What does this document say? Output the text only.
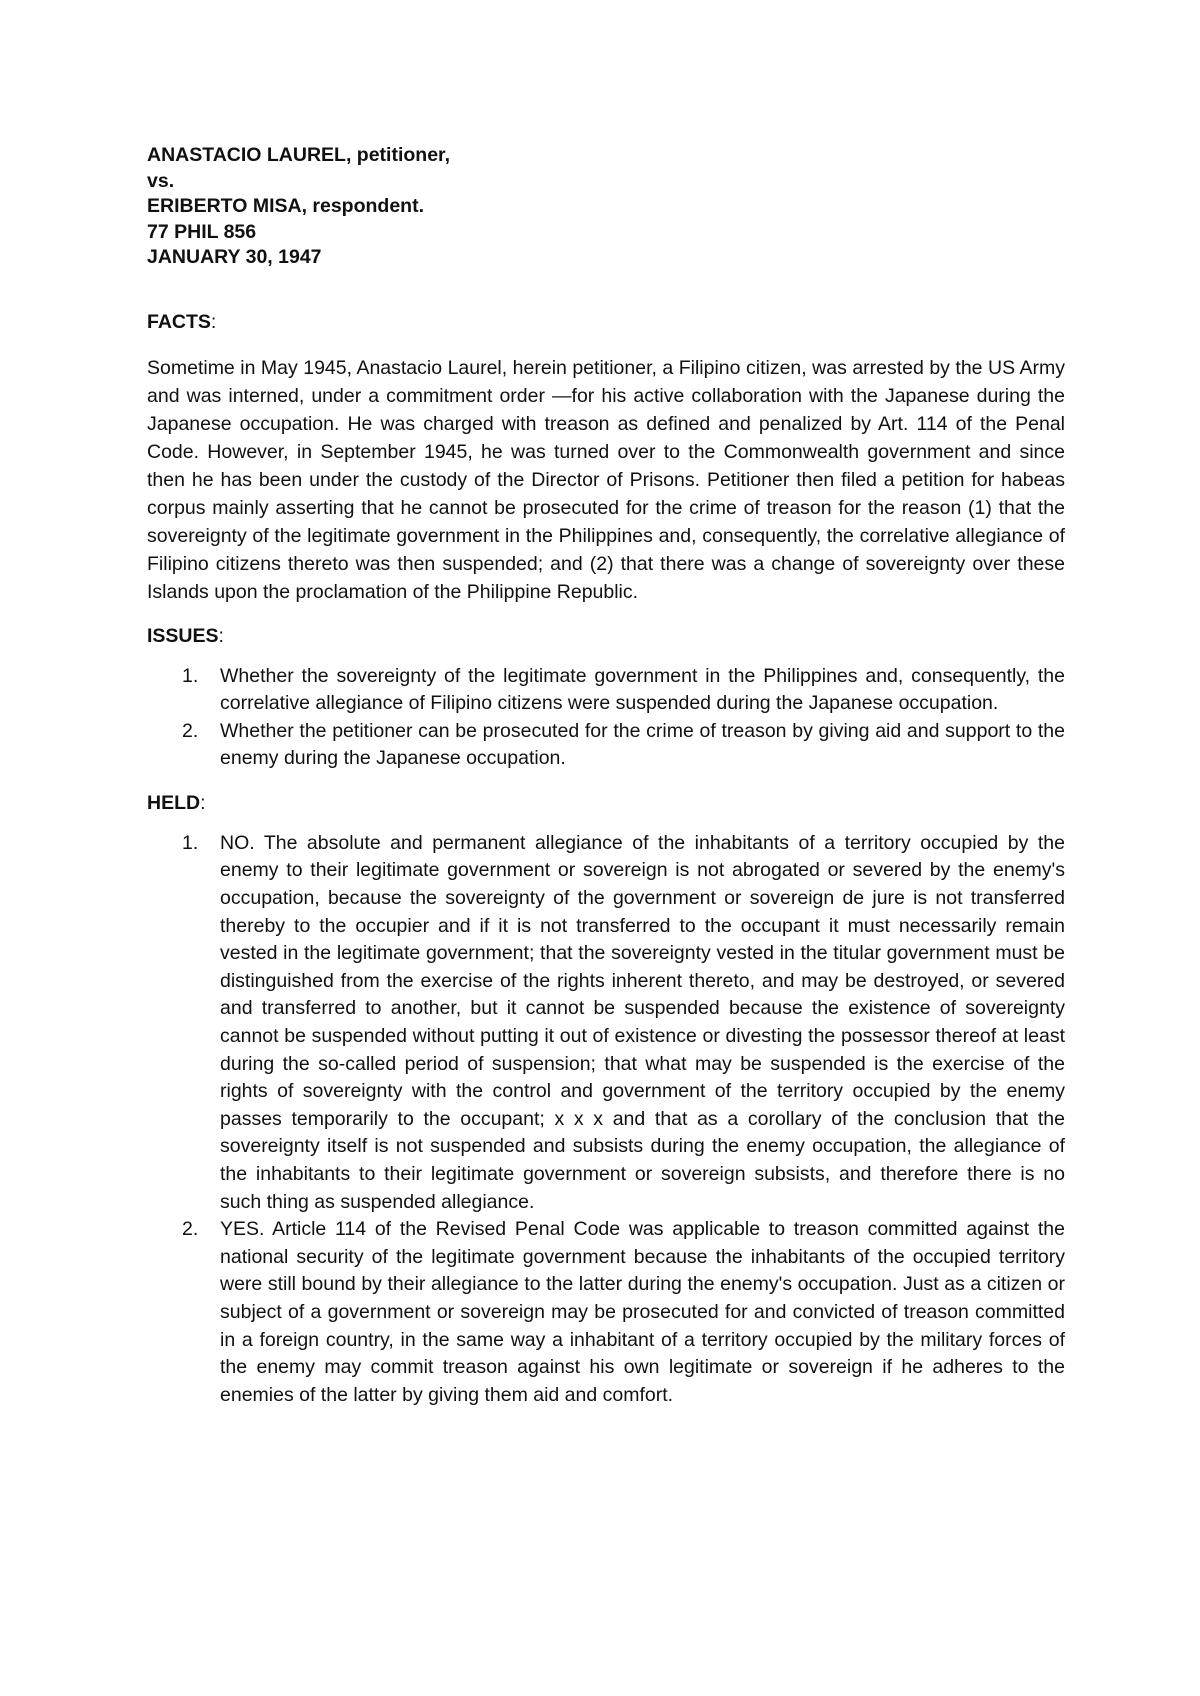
ANASTACIO LAUREL, petitioner,
vs.
ERIBERTO MISA, respondent.
77 PHIL 856
JANUARY 30, 1947
FACTS:

Sometime in May 1945, Anastacio Laurel, herein petitioner, a Filipino citizen, was arrested by the US Army and was interned, under a commitment order —for his active collaboration with the Japanese during the Japanese occupation. He was charged with treason as defined and penalized by Art. 114 of the Penal Code. However, in September 1945, he was turned over to the Commonwealth government and since then he has been under the custody of the Director of Prisons. Petitioner then filed a petition for habeas corpus mainly asserting that he cannot be prosecuted for the crime of treason for the reason (1) that the sovereignty of the legitimate government in the Philippines and, consequently, the correlative allegiance of Filipino citizens thereto was then suspended; and (2) that there was a change of sovereignty over these Islands upon the proclamation of the Philippine Republic.

ISSUES:
1. Whether the sovereignty of the legitimate government in the Philippines and, consequently, the correlative allegiance of Filipino citizens were suspended during the Japanese occupation.
2. Whether the petitioner can be prosecuted for the crime of treason by giving aid and support to the enemy during the Japanese occupation.
HELD:
1. NO. The absolute and permanent allegiance of the inhabitants of a territory occupied by the enemy to their legitimate government or sovereign is not abrogated or severed by the enemy's occupation, because the sovereignty of the government or sovereign de jure is not transferred thereby to the occupier and if it is not transferred to the occupant it must necessarily remain vested in the legitimate government; that the sovereignty vested in the titular government must be distinguished from the exercise of the rights inherent thereto, and may be destroyed, or severed and transferred to another, but it cannot be suspended because the existence of sovereignty cannot be suspended without putting it out of existence or divesting the possessor thereof at least during the so-called period of suspension; that what may be suspended is the exercise of the rights of sovereignty with the control and government of the territory occupied by the enemy passes temporarily to the occupant; x x x and that as a corollary of the conclusion that the sovereignty itself is not suspended and subsists during the enemy occupation, the allegiance of the inhabitants to their legitimate government or sovereign subsists, and therefore there is no such thing as suspended allegiance.
2. YES. Article 114 of the Revised Penal Code was applicable to treason committed against the national security of the legitimate government because the inhabitants of the occupied territory were still bound by their allegiance to the latter during the enemy's occupation. Just as a citizen or subject of a government or sovereign may be prosecuted for and convicted of treason committed in a foreign country, in the same way a inhabitant of a territory occupied by the military forces of the enemy may commit treason against his own legitimate or sovereign if he adheres to the enemies of the latter by giving them aid and comfort.
